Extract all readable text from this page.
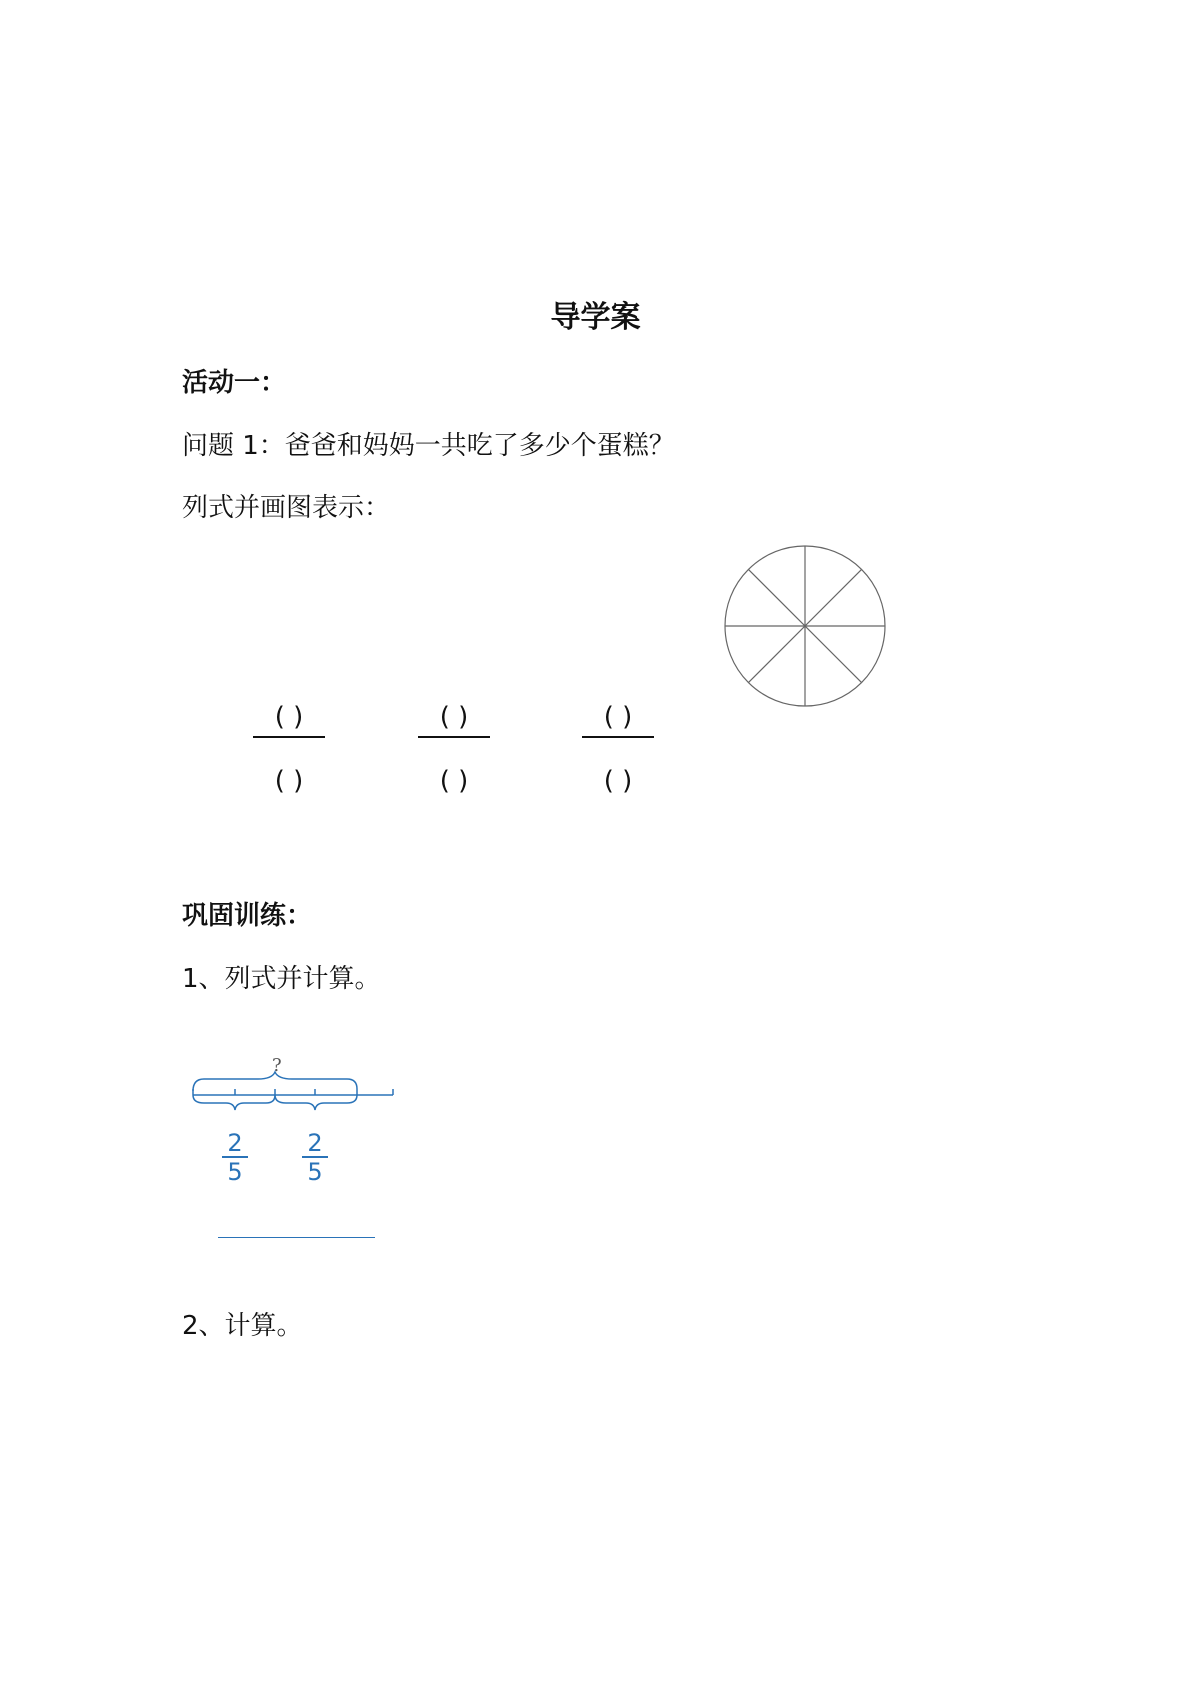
导学案
活动一：
问题 1：爸爸和妈妈一共吃了多少个蛋糕？
列式并画图表示：
( )
( )
( )
( )
( )
( )
巩固训练：
1、列式并计算。
?
2
5
2
5
2、计算。
